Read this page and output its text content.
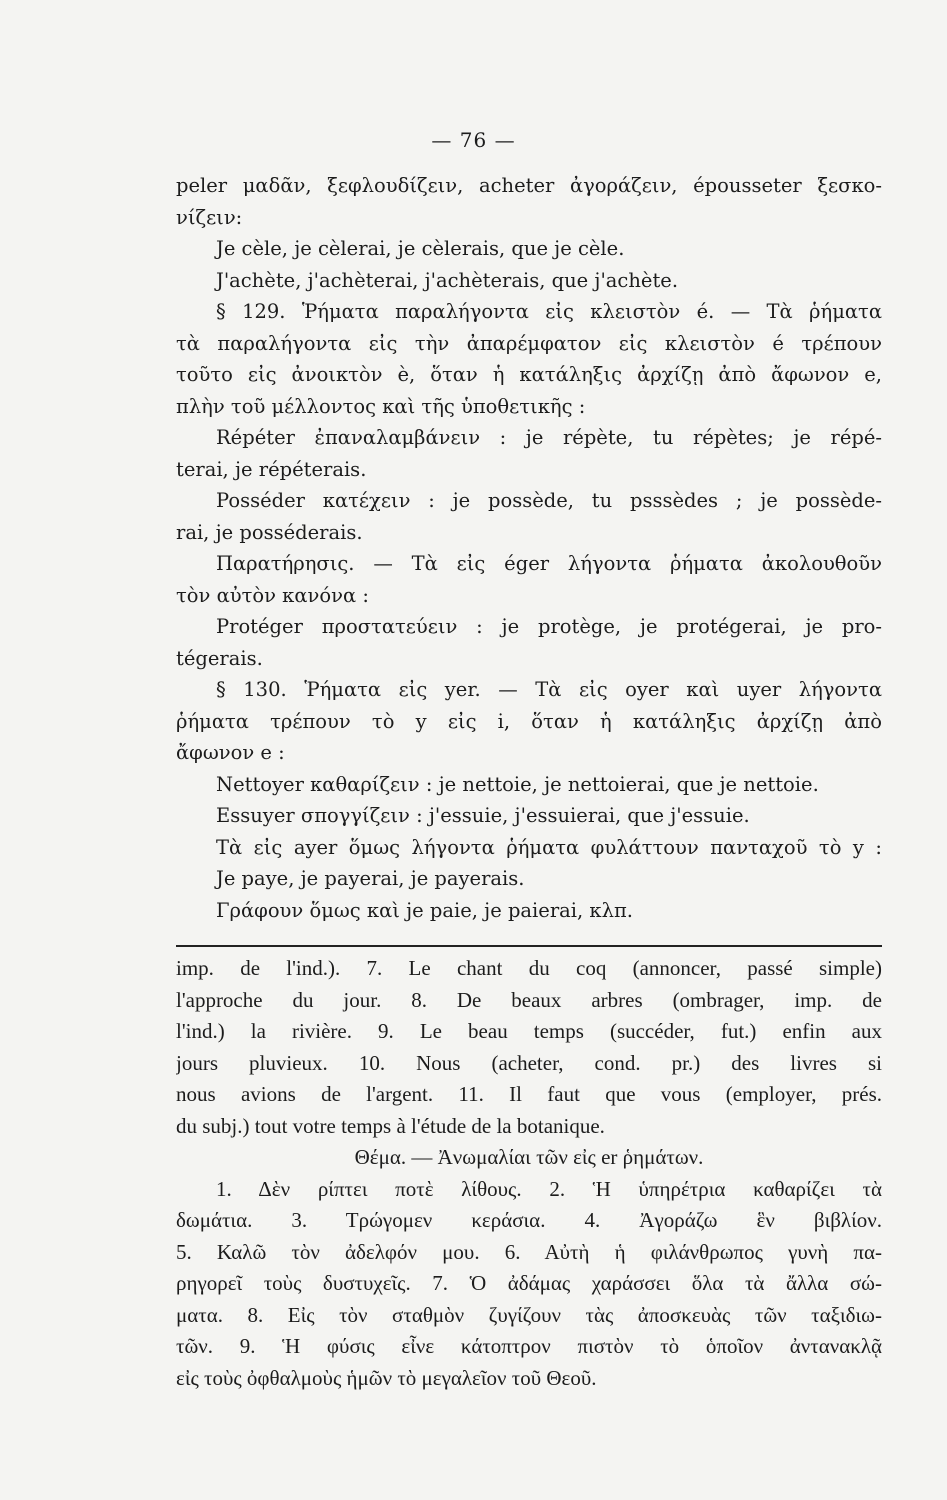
— 76 —
peler μαδᾶν, ξεφλουδίζειν, acheter ἀγοράζειν, épousseter ξεσκο-
νίζειν:
Je cèle, je cèlerai, je cèlerais, que je cèle.
J'achète, j'achèterai, j'achèterais, que j'achète.
§ 129. Ῥήματα παραλήγοντα εἰς κλειστὸν é. — Τὰ ῥήματα
τὰ παραλήγοντα εἰς τὴν ἀπαρέμφατον εἰς κλειστὸν é τρέπουν
τοῦτο εἰς ἀνοικτὸν è, ὅταν ἡ κατάληξις ἀρχίζῃ ἀπὸ ἄφωνον e,
πλὴν τοῦ μέλλοντος καὶ τῆς ὑποθετικῆς :
Répéter ἐπαναλαμβάνειν : je répète, tu répètes; je répé-
terai, je répéterais.
Posséder κατέχειν : je possède, tu psssèdes ; je possède-
rai, je posséderais.
Παρατήρησις. — Τὰ εἰς éger λήγοντα ῥήματα ἀκολουθοῦν
τὸν αὐτὸν κανόνα :
Protéger προστατεύειν : je protège, je protégerai, je pro-
tégerais.
§ 130. Ῥήματα εἰς yer. — Τὰ εἰς oyer καὶ uyer λήγοντα
ῥήματα τρέπουν τὸ y εἰς i, ὅταν ἡ κατάληξις ἀρχίζῃ ἀπὸ
ἄφωνον e :
Nettoyer καθαρίζειν : je nettoie, je nettoierai, que je nettoie.
Essuyer σπογγίζειν : j'essuie, j'essuierai, que j'essuie.
Τὰ εἰς ayer ὅμως λήγοντα ῥήματα φυλάττουν πανταχοῦ τὸ y :
Je paye, je payerai, je payerais.
Γράφουν ὅμως καὶ je paie, je paierai, κλπ.
imp. de l'ind.). 7. Le chant du coq (annoncer, passé simple)
l'approche du jour. 8. De beaux arbres (ombrager, imp. de
l'ind.) la rivière. 9. Le beau temps (succéder, fut.) enfin aux
jours pluvieux. 10. Nous (acheter, cond. pr.) des livres si
nous avions de l'argent. 11. Il faut que vous (employer, prés.
du subj.) tout votre temps à l'étude de la botanique.
Θέμα. — Ἀνωμαλίαι τῶν εἰς er ῥημάτων.
1. Δὲν ρίπτει ποτὲ λίθους. 2. Ἡ ὑπηρέτρια καθαρίζει τὰ
δωμάτια. 3. Τρώγομεν κεράσια. 4. Ἀγοράζω ἓν βιβλίον.
5. Καλῶ τὸν ἀδελφόν μου. 6. Αὐτὴ ἡ φιλάνθρωπος γυνὴ πα-
ρηγορεῖ τοὺς δυστυχεῖς. 7. Ὁ ἀδάμας χαράσσει ὅλα τὰ ἄλλα σώ-
ματα. 8. Εἰς τὸν σταθμὸν ζυγίζουν τὰς ἀποσκευὰς τῶν ταξιδιω-
τῶν. 9. Ἡ φύσις εἶνε κάτοπτρον πιστὸν τὸ ὁποῖον ἀντανακλᾷ
εἰς τοὺς ὀφθαλμοὺς ἡμῶν τὸ μεγαλεῖον τοῦ Θεοῦ.
